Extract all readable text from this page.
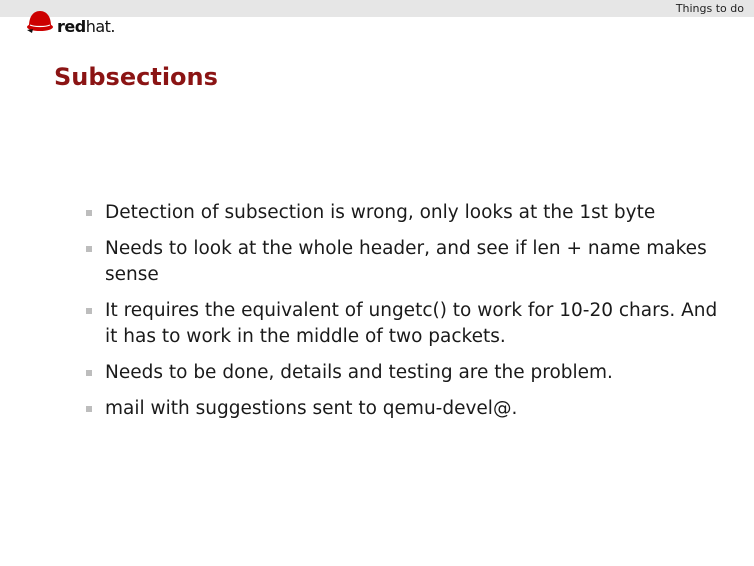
Things to do
redhat.
Subsections
Detection of subsection is wrong, only looks at the 1st byte
Needs to look at the whole header, and see if len + name makes sense
It requires the equivalent of ungetc() to work for 10-20 chars. And it has to work in the middle of two packets.
Needs to be done, details and testing are the problem.
mail with suggestions sent to qemu-devel@.
